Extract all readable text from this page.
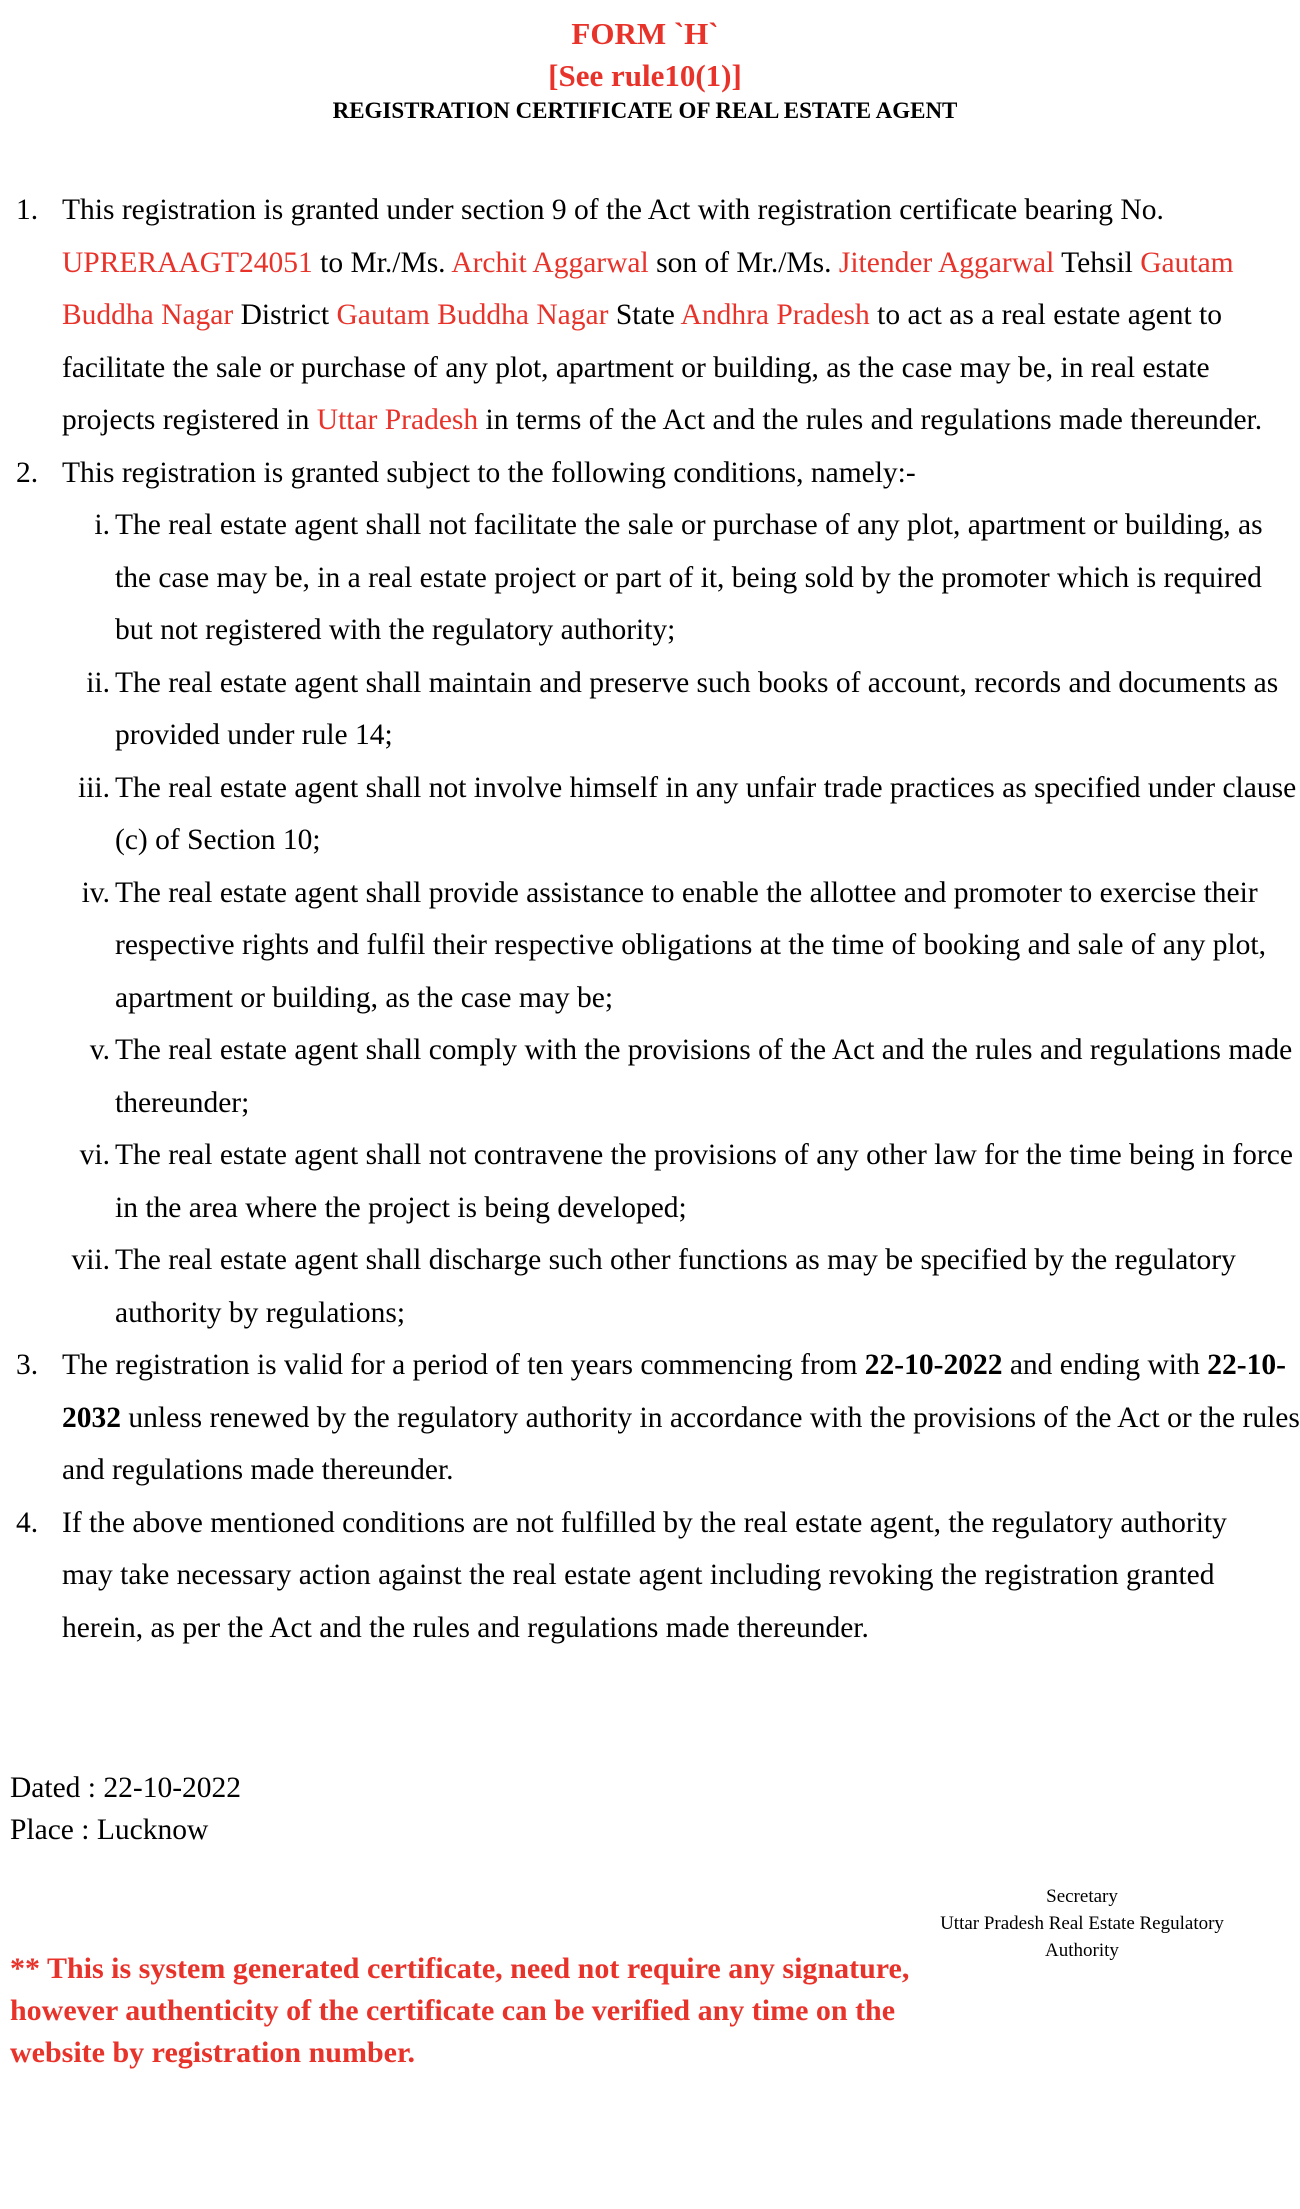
FORM `H`
[See rule10(1)]
REGISTRATION CERTIFICATE OF REAL ESTATE AGENT
1. This registration is granted under section 9 of the Act with registration certificate bearing No. UPRERAAGT24051 to Mr./Ms. Archit Aggarwal son of Mr./Ms. Jitender Aggarwal Tehsil Gautam Buddha Nagar District Gautam Buddha Nagar State Andhra Pradesh to act as a real estate agent to facilitate the sale or purchase of any plot, apartment or building, as the case may be, in real estate projects registered in Uttar Pradesh in terms of the Act and the rules and regulations made thereunder.
2. This registration is granted subject to the following conditions, namely:-
i. The real estate agent shall not facilitate the sale or purchase of any plot, apartment or building, as the case may be, in a real estate project or part of it, being sold by the promoter which is required but not registered with the regulatory authority;
ii. The real estate agent shall maintain and preserve such books of account, records and documents as provided under rule 14;
iii. The real estate agent shall not involve himself in any unfair trade practices as specified under clause (c) of Section 10;
iv. The real estate agent shall provide assistance to enable the allottee and promoter to exercise their respective rights and fulfil their respective obligations at the time of booking and sale of any plot, apartment or building, as the case may be;
v. The real estate agent shall comply with the provisions of the Act and the rules and regulations made thereunder;
vi. The real estate agent shall not contravene the provisions of any other law for the time being in force in the area where the project is being developed;
vii. The real estate agent shall discharge such other functions as may be specified by the regulatory authority by regulations;
3. The registration is valid for a period of ten years commencing from 22-10-2022 and ending with 22-10-2032 unless renewed by the regulatory authority in accordance with the provisions of the Act or the rules and regulations made thereunder.
4. If the above mentioned conditions are not fulfilled by the real estate agent, the regulatory authority may take necessary action against the real estate agent including revoking the registration granted herein, as per the Act and the rules and regulations made thereunder.
Dated : 22-10-2022
Place : Lucknow
Secretary
Uttar Pradesh Real Estate Regulatory Authority
** This is system generated certificate, need not require any signature, however authenticity of the certificate can be verified any time on the website by registration number.
